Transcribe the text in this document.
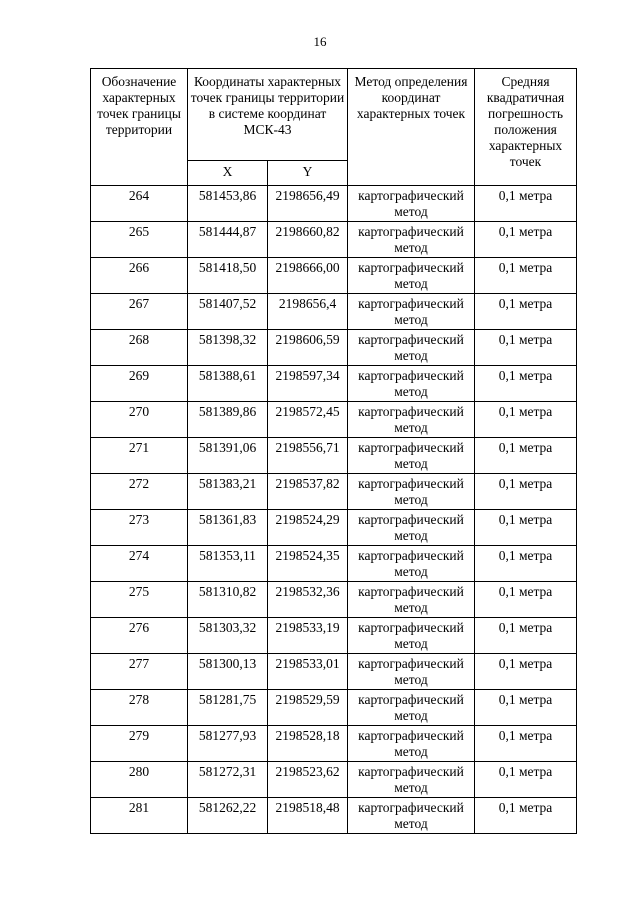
16
Обозначение характерных точек границы территории	Координаты характерных точек границы территории в системе координат МСК-43		Метод определения координат характерных точек	Средняя квадратичная погрешность положения характерных точек
	X	Y		
264	581453,86	2198656,49	картографический метод	0,1 метра
265	581444,87	2198660,82	картографический метод	0,1 метра
266	581418,50	2198666,00	картографический метод	0,1 метра
267	581407,52	2198656,4	картографический метод	0,1 метра
268	581398,32	2198606,59	картографический метод	0,1 метра
269	581388,61	2198597,34	картографический метод	0,1 метра
270	581389,86	2198572,45	картографический метод	0,1 метра
271	581391,06	2198556,71	картографический метод	0,1 метра
272	581383,21	2198537,82	картографический метод	0,1 метра
273	581361,83	2198524,29	картографический метод	0,1 метра
274	581353,11	2198524,35	картографический метод	0,1 метра
275	581310,82	2198532,36	картографический метод	0,1 метра
276	581303,32	2198533,19	картографический метод	0,1 метра
277	581300,13	2198533,01	картографический метод	0,1 метра
278	581281,75	2198529,59	картографический метод	0,1 метра
279	581277,93	2198528,18	картографический метод	0,1 метра
280	581272,31	2198523,62	картографический метод	0,1 метра
281	581262,22	2198518,48	картографический метод	0,1 метра
